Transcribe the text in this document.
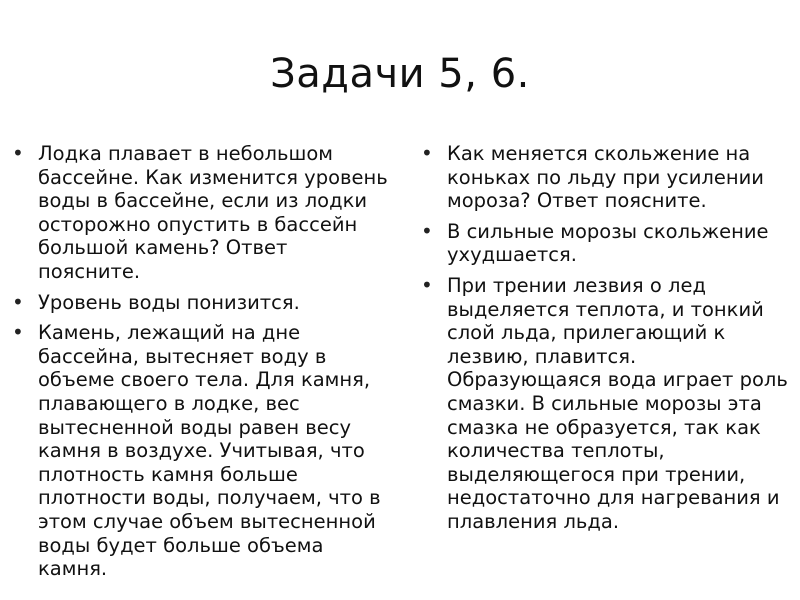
Задачи 5, 6.
• Лодка плавает в небольшом бассейне. Как изменится уровень воды в бассейне, если из лодки осторожно опустить в бассейн большой камень? Ответ поясните.
• Уровень воды понизится.
• Камень, лежащий на дне бассейна, вытесняет воду в объеме своего тела. Для камня, плавающего в лодке, вес вытесненной воды равен весу камня в воздухе. Учитывая, что плотность камня больше плотности воды, получаем, что в этом случае объем вытесненной воды будет больше объема камня.
• Как меняется скольжение на коньках по льду при усилении мороза? Ответ поясните.
• В сильные морозы скольжение ухудшается.
• При трении лезвия о лед выделяется теплота, и тонкий слой льда, прилегающий к лезвию, плавится. Образующаяся вода играет роль смазки. В сильные морозы эта смазка не образуется, так как количества теплоты, выделяющегося при трении, недостаточно для нагревания и плавления льда.
